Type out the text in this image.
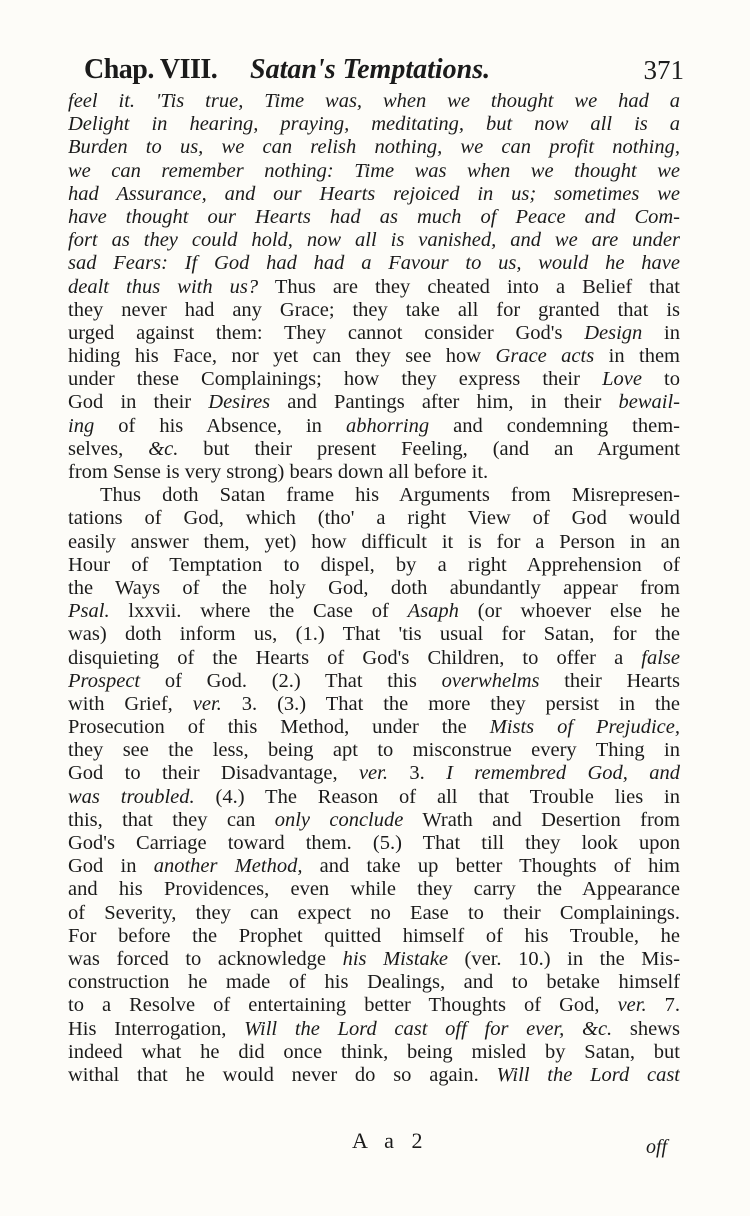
Chap. VIII. Satan's Temptations.	371
feel it. 'Tis true, Time was, when we thought we had a
Delight in hearing, praying, meditating, but now all is a
Burden to us, we can relish nothing, we can profit nothing,
we can remember nothing: Time was when we thought we
had Assurance, and our Hearts rejoiced in us; sometimes we
have thought our Hearts had as much of Peace and Com-
fort as they could hold, now all is vanished, and we are under
sad Fears: If God had had a Favour to us, would he have
dealt thus with us? Thus are they cheated into a Belief that
they never had any Grace; they take all for granted that is
urged against them: They cannot consider God's Design in
hiding his Face, nor yet can they see how Grace acts in them
under these Complainings; how they express their Love to
God in their Desires and Pantings after him, in their bewail-
ing of his Absence, in abhorring and condemning them-
selves, &c. but their present Feeling, (and an Argument
from Sense is very strong) bears down all before it.
Thus doth Satan frame his Arguments from Misrepresen-
tations of God, which (tho' a right View of God would
easily answer them, yet) how difficult it is for a Person in an
Hour of Temptation to dispel, by a right Apprehension of
the Ways of the holy God, doth abundantly appear from
Psal. lxxvii. where the Case of Asaph (or whoever else he
was) doth inform us, (1.) That 'tis usual for Satan, for the
disquieting of the Hearts of God's Children, to offer a false
Prospect of God. (2.) That this overwhelms their Hearts
with Grief, ver. 3. (3.) That the more they persist in the
Prosecution of this Method, under the Mists of Prejudice,
they see the less, being apt to misconstrue every Thing in
God to their Disadvantage, ver. 3. I remembred God, and
was troubled. (4.) The Reason of all that Trouble lies in
this, that they can only conclude Wrath and Desertion from
God's Carriage toward them. (5.) That till they look upon
God in another Method, and take up better Thoughts of him
and his Providences, even while they carry the Appearance
of Severity, they can expect no Ease to their Complainings.
For before the Prophet quitted himself of his Trouble, he
was forced to acknowledge his Mistake (ver. 10.) in the Mis-
construction he made of his Dealings, and to betake himself
to a Resolve of entertaining better Thoughts of God, ver. 7.
His Interrogation, Will the Lord cast off for ever, &c. shews
indeed what he did once think, being misled by Satan, but
withal that he would never do so again. Will the Lord cast
A a 2	off
